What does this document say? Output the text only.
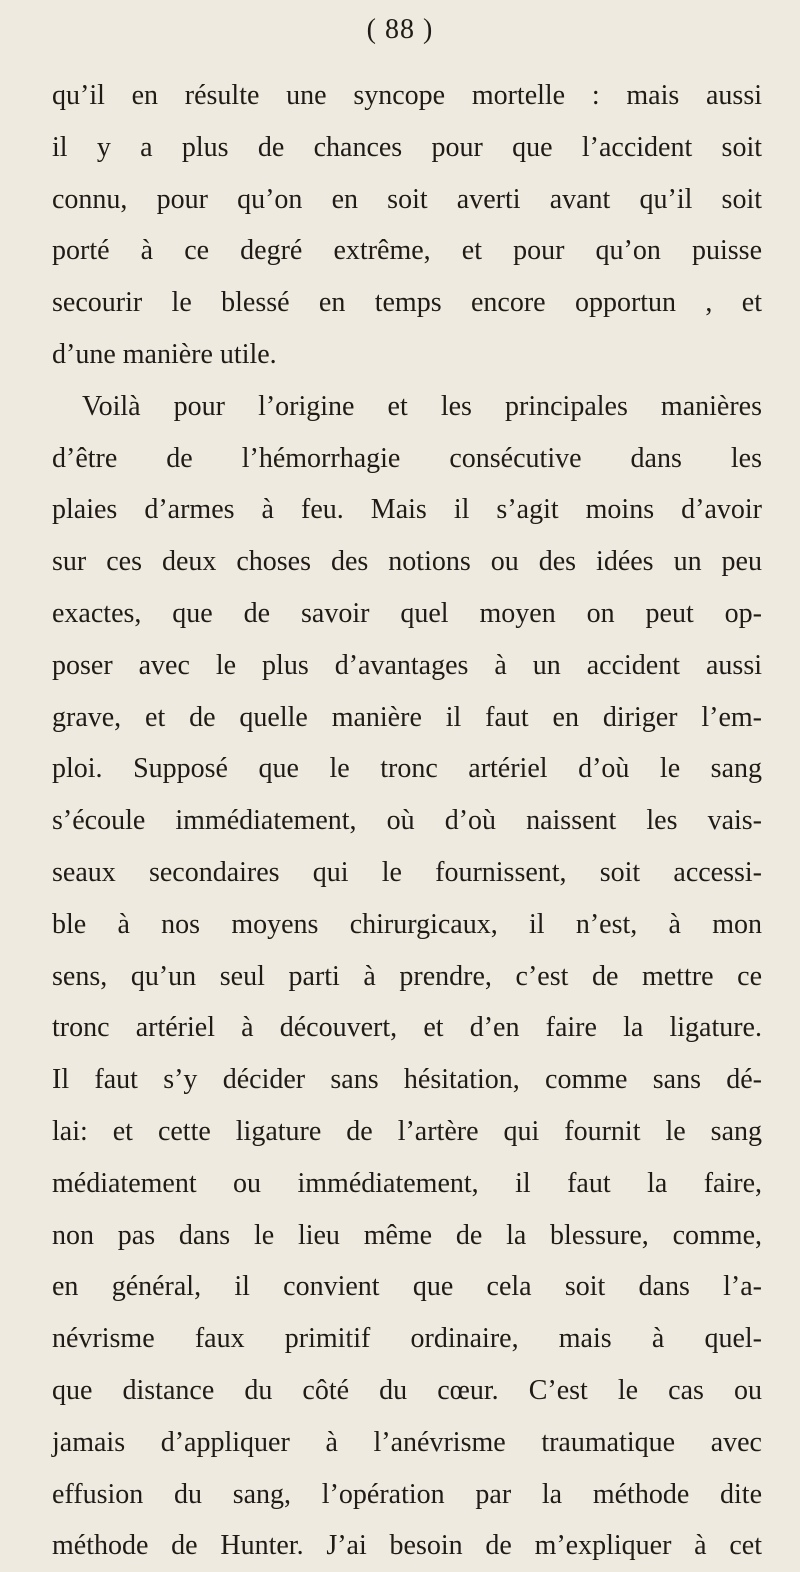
( 88 )
qu’il en résulte une syncope mortelle : mais aussi
il y a plus de chances pour que l’accident soit
connu, pour qu’on en soit averti avant qu’il soit
porté à ce degré extrême, et pour qu’on puisse
secourir le blessé en temps encore opportun , et
d’une manière utile.
Voilà pour l’origine et les principales manières
d’être de l’hémorrhagie consécutive dans les
plaies d’armes à feu. Mais il s’agit moins d’avoir
sur ces deux choses des notions ou des idées un peu
exactes, que de savoir quel moyen on peut op-
poser avec le plus d’avantages à un accident aussi
grave, et de quelle manière il faut en diriger l’em-
ploi. Supposé que le tronc artériel d’où le sang
s’écoule immédiatement, où d’où naissent les vais-
seaux secondaires qui le fournissent, soit accessi-
ble à nos moyens chirurgicaux, il n’est, à mon
sens, qu’un seul parti à prendre, c’est de mettre ce
tronc artériel à découvert, et d’en faire la ligature.
Il faut s’y décider sans hésitation, comme sans dé-
lai: et cette ligature de l’artère qui fournit le sang
médiatement ou immédiatement, il faut la faire,
non pas dans le lieu même de la blessure, comme,
en général, il convient que cela soit dans l’a-
névrisme faux primitif ordinaire, mais à quel-
que distance du côté du cœur. C’est le cas ou
jamais d’appliquer à l’anévrisme traumatique avec
effusion du sang, l’opération par la méthode dite
méthode de Hunter. J’ai besoin de m’expliquer à cet
